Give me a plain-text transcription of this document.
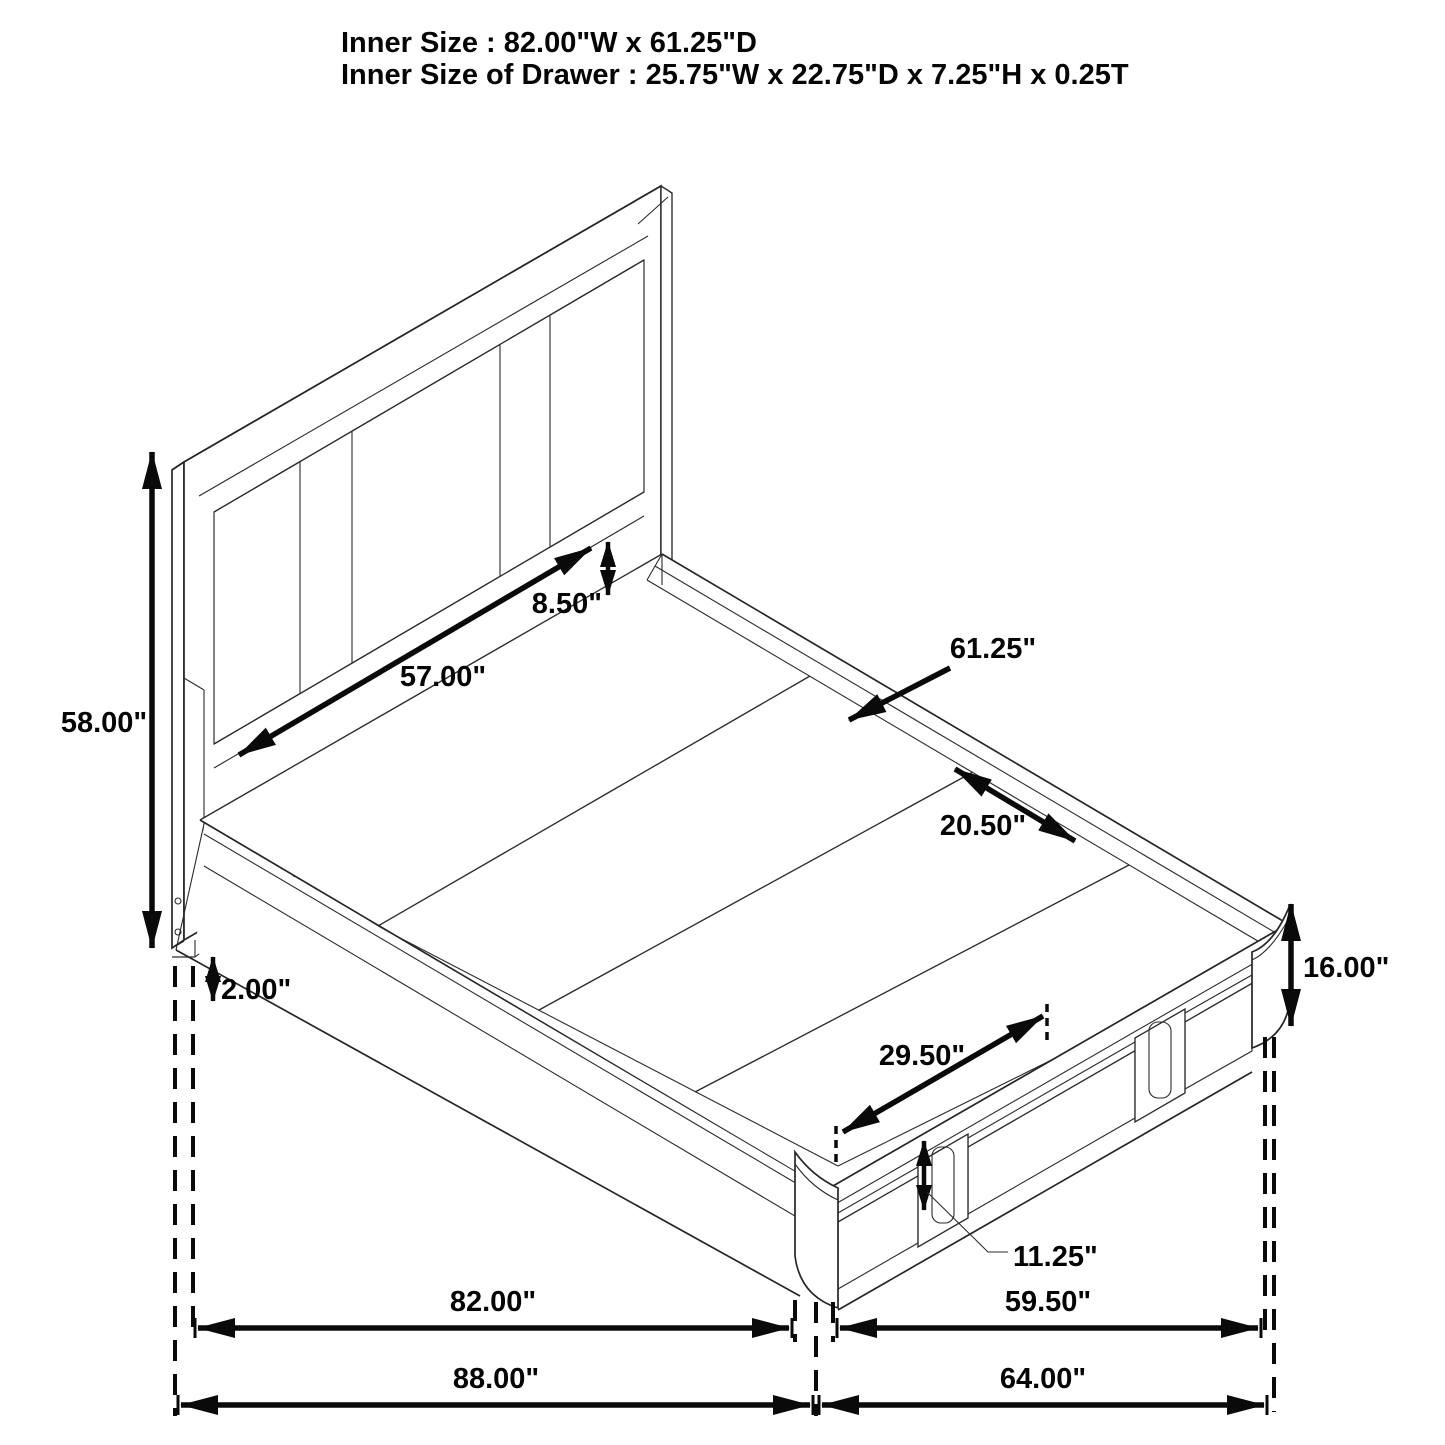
Inner Size : 82.00"W x 61.25"D
Inner Size of Drawer : 25.75"W x 22.75"D x 7.25"H x 0.25T
58.00"
57.00"
8.50"
61.25"
20.50"
16.00"
29.50"
11.25"
2.00"
82.00"	59.50"
88.00"	64.00"
